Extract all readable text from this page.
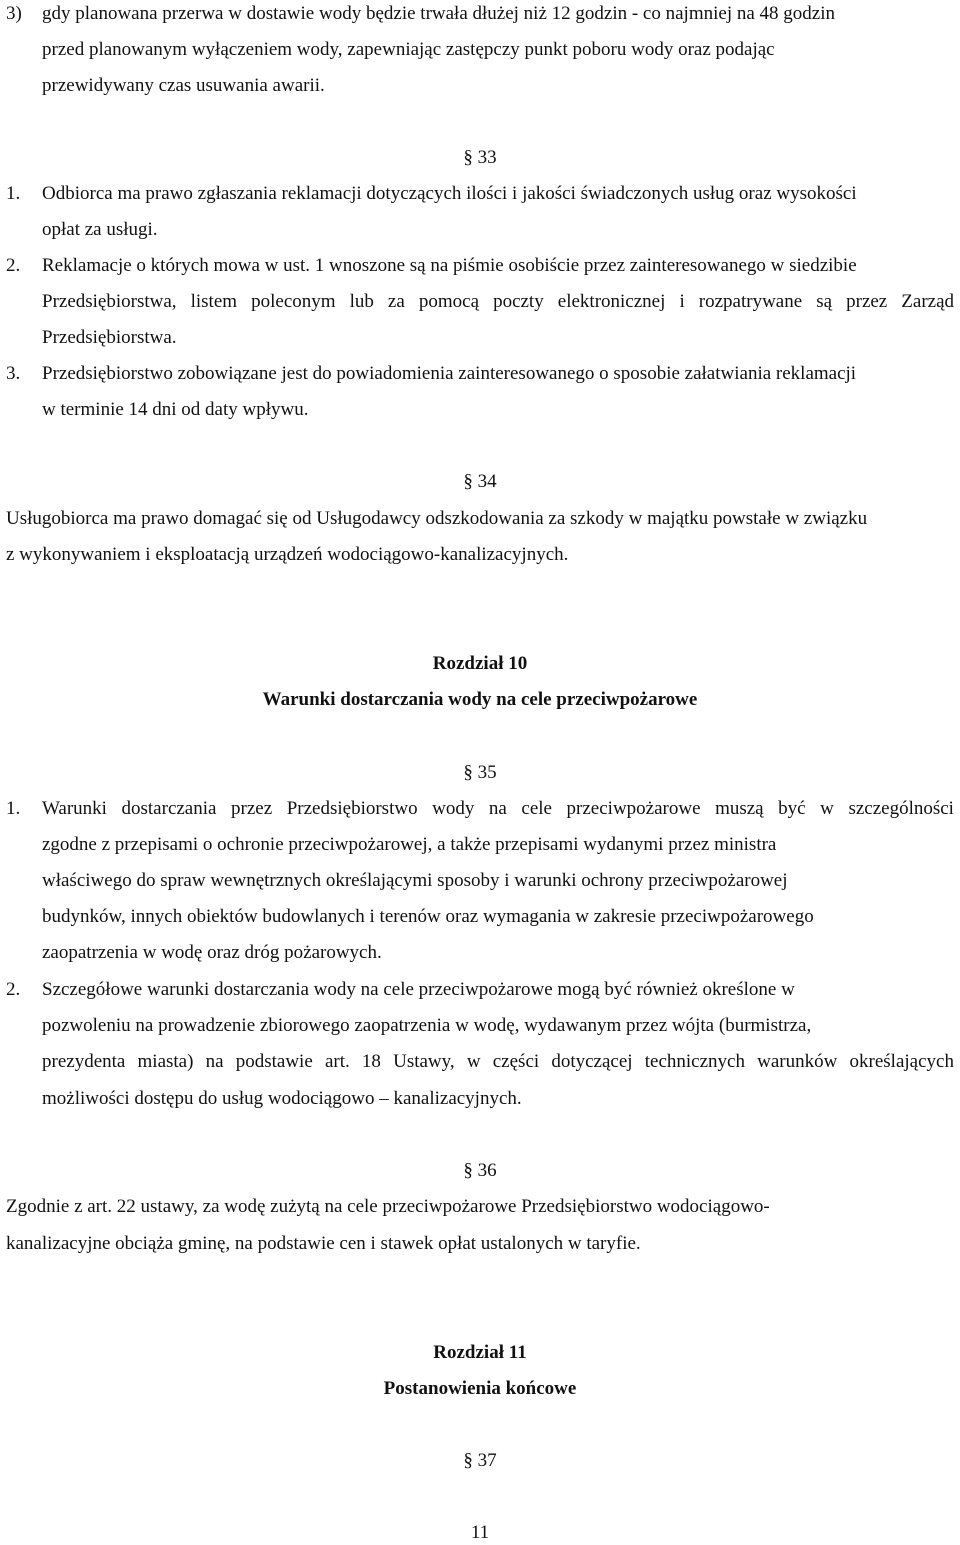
3) gdy planowana przerwa w dostawie wody będzie trwała dłużej niż 12 godzin - co najmniej na 48 godzin
przed planowanym wyłączeniem wody, zapewniając zastępczy punkt poboru wody oraz podając
przewidywany czas usuwania awarii.
§ 33
1. Odbiorca ma prawo zgłaszania reklamacji dotyczących ilości i jakości świadczonych usług oraz wysokości
opłat za usługi.
2. Reklamacje o których mowa w ust. 1 wnoszone są na piśmie osobiście przez zainteresowanego w siedzibie
Przedsiębiorstwa, listem poleconym lub za pomocą poczty elektronicznej i rozpatrywane są przez Zarząd
Przedsiębiorstwa.
3. Przedsiębiorstwo zobowiązane jest do powiadomienia zainteresowanego o sposobie załatwiania reklamacji
w terminie 14 dni od daty wpływu.
§ 34
Usługobiorca ma prawo domagać się od Usługodawcy odszkodowania za szkody w majątku powstałe w związku
z wykonywaniem i eksploatacją urządzeń wodociągowo-kanalizacyjnych.
Rozdział 10
Warunki dostarczania wody na cele przeciwpożarowe
§ 35
1. Warunki dostarczania przez Przedsiębiorstwo wody na cele przeciwpożarowe muszą być w szczególności
zgodne z przepisami o ochronie przeciwpożarowej, a także przepisami wydanymi przez ministra
właściwego do spraw wewnętrznych określającymi sposoby i warunki ochrony przeciwpożarowej
budynków, innych obiektów budowlanych i terenów oraz wymagania w zakresie przeciwpożarowego
zaopatrzenia w wodę oraz dróg pożarowych.
2. Szczegółowe warunki dostarczania wody na cele przeciwpożarowe mogą być również określone w
pozwoleniu na prowadzenie zbiorowego zaopatrzenia w wodę, wydawanym przez wójta (burmistrza,
prezydenta miasta) na podstawie art. 18 Ustawy, w części dotyczącej technicznych warunków określających
możliwości dostępu do usług wodociągowo – kanalizacyjnych.
§ 36
Zgodnie z art. 22 ustawy, za wodę zużytą na cele przeciwpożarowe Przedsiębiorstwo wodociągowo-
kanalizacyjne obciąża gminę, na podstawie cen i stawek opłat ustalonych w taryfie.
Rozdział 11
Postanowienia końcowe
§ 37
11
